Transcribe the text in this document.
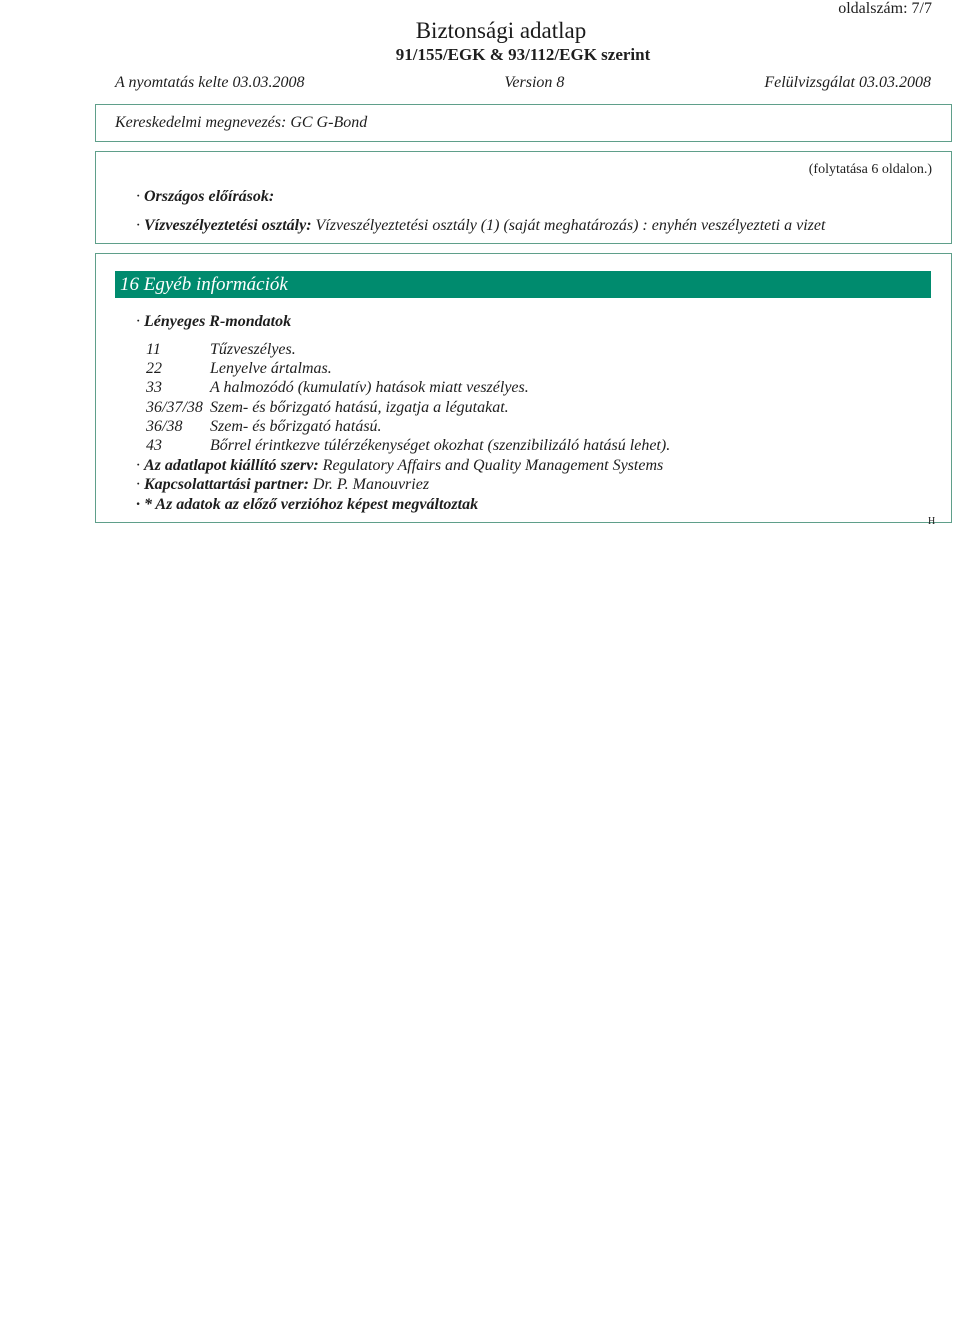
oldalszám: 7/7
Biztonsági adatlap
91/155/EGK & 93/112/EGK szerint
A nyomtatás kelte 03.03.2008	Version 8	Felülvizsgálat 03.03.2008
Kereskedelmi megnevezés: GC G-Bond
(folytatása 6 oldalon.)
· Országos előírások:
· Vízveszélyeztetési osztály: Vízveszélyeztetési osztály (1) (saját meghatározás) : enyhén veszélyezteti a vizet
16 Egyéb információk
· Lényeges R-mondatok
11	Tűzveszélyes.
22	Lenyelve ártalmas.
33	A halmozódó (kumulatív) hatások miatt veszélyes.
36/37/38	Szem- és bőrizgató hatású, izgatja a légutakat.
36/38	Szem- és bőrizgató hatású.
43	Bőrrel érintkezve túlérzékenységet okozhat (szenzibilizáló hatású lehet).
· Az adatlapot kiállító szerv: Regulatory Affairs and Quality Management Systems
· Kapcsolattartási partner: Dr. P. Manouvriez
· * Az adatok az előző verzióhoz képest megváltoztak
H
